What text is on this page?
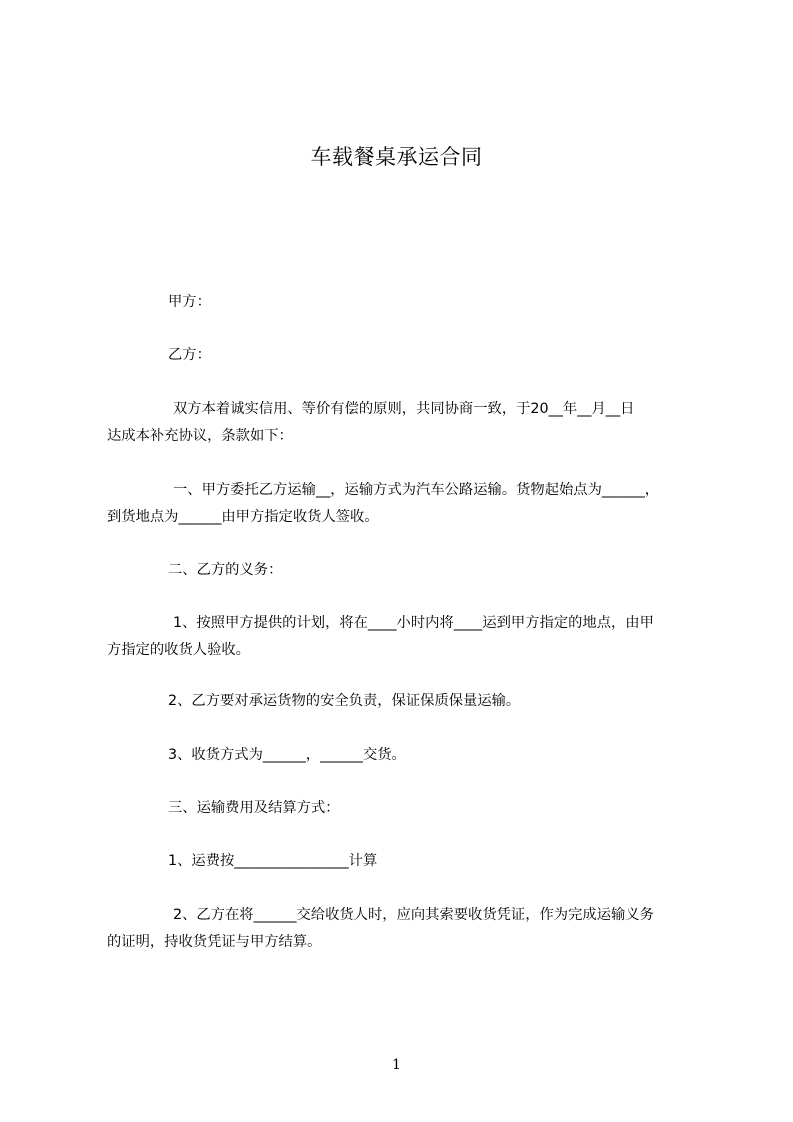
车载餐桌承运合同
甲方：
乙方：
双方本着诚实信用、等价有偿的原则，共同协商一致，于20__年__月__日
达成本补充协议，条款如下：
一、甲方委托乙方运输__，运输方式为汽车公路运输。货物起始点为______，
到货地点为______由甲方指定收货人签收。
二、乙方的义务：
1、按照甲方提供的计划，将在____小时内将____运到甲方指定的地点，由甲
方指定的收货人验收。
2、乙方要对承运货物的安全负责，保证保质保量运输。
3、收货方式为______，______交货。
三、运输费用及结算方式：
1、运费按________________计算
2、乙方在将______交给收货人时，应向其索要收货凭证，作为完成运输义务
的证明，持收货凭证与甲方结算。
1
